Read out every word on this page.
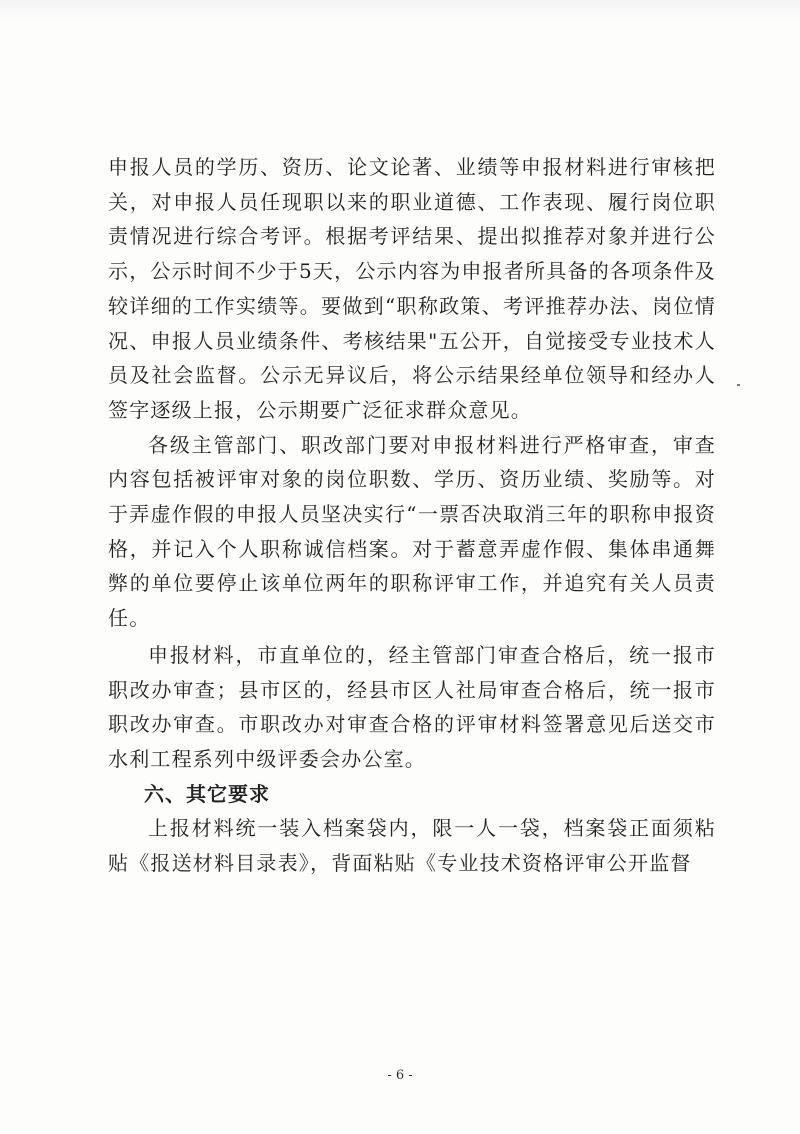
申报人员的学历、资历、论文论著、业绩等申报材料进行审核把关，对申报人员任现职以来的职业道德、工作表现、履行岗位职责情况进行综合考评。根据考评结果、提出拟推荐对象并进行公示，公示时间不少于5天，公示内容为申报者所具备的各项条件及较详细的工作实绩等。要做到“职称政策、考评推荐办法、岗位情况、申报人员业绩条件、考核结果"五公开，自觉接受专业技术人员及社会监督。公示无异议后，将公示结果经单位领导和经办人签字逐级上报，公示期要广泛征求群众意见。

各级主管部门、职改部门要对申报材料进行严格审查，审查内容包括被评审对象的岗位职数、学历、资历业绩、奖励等。对于弄虚作假的申报人员坚决实行“一票否决取消三年的职称申报资格，并记入个人职称诚信档案。对于蓄意弄虚作假、集体串通舞弊的单位要停止该单位两年的职称评审工作，并追究有关人员责任。

申报材料，市直单位的，经主管部门审查合格后，统一报市职改办审查；县市区的，经县市区人社局审查合格后，统一报市职改办审查。市职改办对审查合格的评审材料签署意见后送交市水利工程系列中级评委会办公室。

六、其它要求

上报材料统一装入档案袋内，限一人一袋，档案袋正面须粘贴《报送材料目录表》，背面粘贴《专业技术资格评审公开监督

- 6 -
